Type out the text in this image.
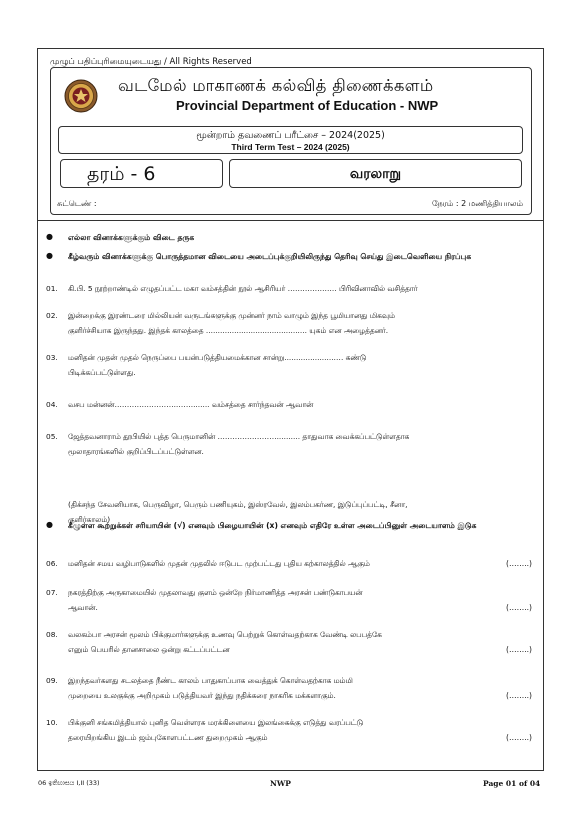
முழுப் பதிப்புரிமையுடையது / All Rights Reserved
வடமேல் மாகாணக் கல்வித் திணைக்களம்
Provincial Department of Education - NWP
மூன்றாம் தவணைப் பரீட்சை – 2024(2025)
Third Term Test – 2024 (2025)
தரம் - 6	வரலாறு
சுட்டெண் :	நேரம் : 2 மணித்தியாலம்
● எல்லா வினாக்களுக்கும் விடை தருக
● கீழ்வரும் வினாக்களுக்கு பொருத்தமான விடையை அடைப்புக்குறியிலிருந்து தெரிவு செய்து இடைவெளியை நிரப்புக
01.	கி.பி. 5 நூற்றாண்டில் எழுதப்பட்ட மகா வம்சத்தின் நூல் ஆசிரியர் ……………….. பிரிவினாவில் வசித்தார்
02.	இன்றைக்கு இரண்டரை மில்லியன் வருடங்களுக்கு முன்னர் நாம் வாழும் இந்த பூமியானது மிகவும்
குளிர்ச்சியாக இருந்தது. இந்தக் காலத்தை ........................................... யுகம் என அழைத்தனர்.
03.	மனிதன் முதன் முதல் நெருப்பை பயன்படுத்தியமைக்கான சான்று.....................…. கண்டு
பிடிக்கப்பட்டுள்ளது.
04.	வசப மன்னன்…………………….……........ வம்சத்தை சார்ந்தவன் ஆவான்
05.	ஜேத்தவனாராம் தூபியில் புத்த பெருமானின் …………………….......... தாதுவாக வைக்கப்பட்டுள்ளதாக
மூலாதாரங்களில் குறிப்பிடப்பட்டுள்ளன.
(திக்சந்த சேவனியாக, பெருவிழா, பெரும் பணியுகம், இஸ்ரவேல், இலம்பகர்ண, இடுப்புப்பட்டி, சீனா,
குளிர்காலம்)
● கீழுள்ள கூற்றுக்கள் சரியாயின் (√) எனவும் பிழையாயின் (x) எனவும் எதிரே உள்ள அடைப்பினுள் அடையாளம் இடுக
06.	மனிதன் சமய வழிபாடுகளில் முதன் முதலில் ஈடுபட முற்பட்டது புதிய கற்காலத்தில் ஆகும்	(……..)
07.	நகரத்திற்கு அருகாமையில் முதலாவது குளம் ஒன்றே நிர்மாணித்த அரசன் பண்டுகாபயன்
ஆவான்.	(……..)
08.	வலகம்பா அரசன் மூலம் பிக்குமார்களுக்கு உணவு பெற்றுக் கொள்வதற்காக வேண்டி லபபத்கே
எனும் பெயரில் தானசாலை ஒன்று கட்டப்பட்டன	(……..)
09.	இறந்தவர்களது சடலத்தை நீண்ட காலம் பாதுகாப்பாக வைத்துக் கொள்வதற்காக மம்மி
முறையை உலகுக்கு அறிமுகம் படுத்தியவர் இந்து நதிக்கரை நாகரிக மக்களாகும்.	(……..)
10.	பிக்குனி சங்கமித்தியால் புனித வெள்ளரசு மரக்கிளையை இலங்கைக்கு எடுத்து வரப்பட்டு
தரையிறங்கிய இடம் ஜம்புகோளபட்டண துறைமுகம் ஆகும்	(……..)
06 ඉතිහාසය I,II (33)	NWP	Page 01 of 04
